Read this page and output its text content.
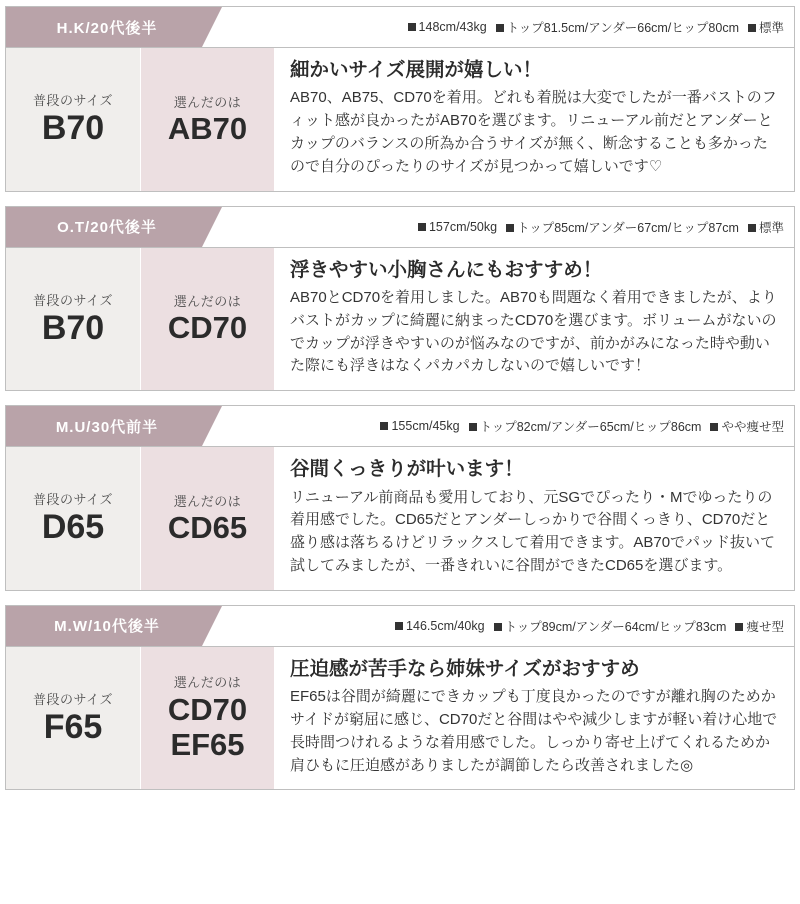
H.K/20代後半	148cm/43kg	トップ81.5cm/アンダー66cm/ヒップ80cm	標準
普段のサイズ
B70
選んだのは
AB70

細かいサイズ展開が嬉しい！

AB70、AB75、CD70を着用。どれも着脱は大変でしたが一番バストのフィット感が良かったがAB70を選びます。リニューアル前だとアンダーとカップのバランスの所為か合うサイズが無く、断念することも多かったので自分のぴったりのサイズが見つかって嬉しいです♡

O.T/20代後半	157cm/50kg	トップ85cm/アンダー67cm/ヒップ87cm	標準
普段のサイズ
B70
選んだのは
CD70

浮きやすい小胸さんにもおすすめ！

AB70とCD70を着用しました。AB70も問題なく着用できましたが、よりバストがカップに綺麗に納まったCD70を選びます。ボリュームがないのでカップが浮きやすいのが悩みなのですが、前かがみになった時や動いた際にも浮きはなくパカパカしないので嬉しいです！

M.U/30代前半	155cm/45kg	トップ82cm/アンダー65cm/ヒップ86cm	やや痩せ型
普段のサイズ
D65
選んだのは
CD65

谷間くっきりが叶います！

リニューアル前商品も愛用しており、元SGでぴったり・Mでゆったりの着用感でした。CD65だとアンダーしっかりで谷間くっきり、CD70だと盛り感は落ちるけどリラックスして着用できます。AB70でパッド抜いて試してみましたが、一番きれいに谷間ができたCD65を選びます。

M.W/10代後半	146.5cm/40kg	トップ89cm/アンダー64cm/ヒップ83cm	痩せ型
普段のサイズ
F65
選んだのは
CD70
EF65

圧迫感が苦手なら姉妹サイズがおすすめ

EF65は谷間が綺麗にできカップも丁度良かったのですが離れ胸のためかサイドが窮屈に感じ、CD70だと谷間はやや減少しますが軽い着け心地で長時間つけれるような着用感でした。しっかり寄せ上げてくれるためか肩ひもに圧迫感がありましたが調節したら改善されました◎
